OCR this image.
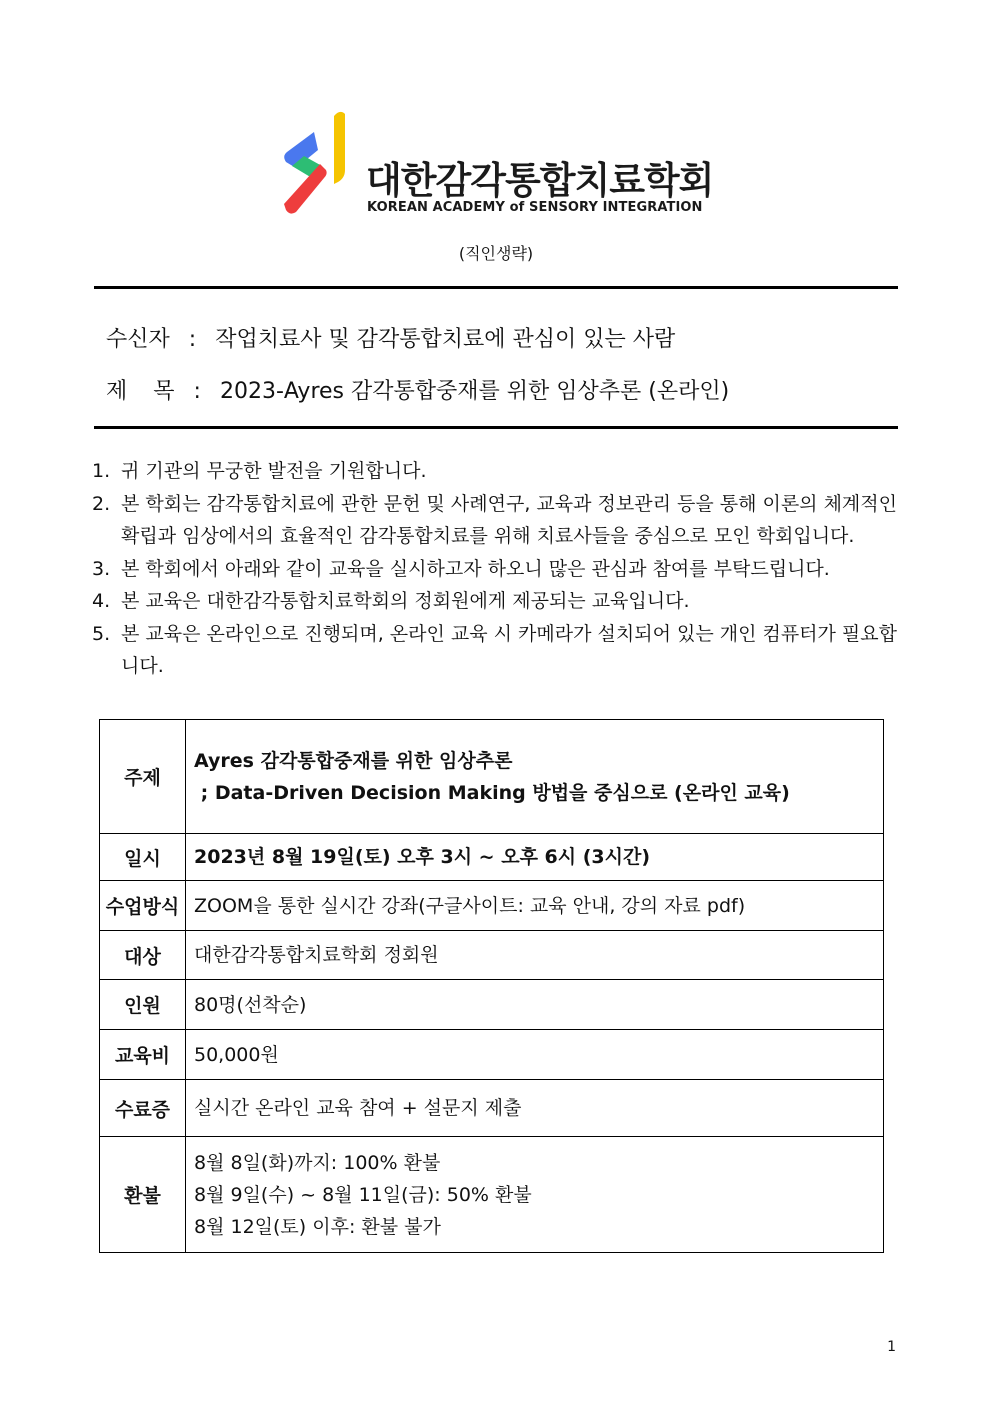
대한감각통합치료학회
KOREAN ACADEMY of SENSORY INTEGRATION
(직인생략)
수신자 : 작업치료사 및 감각통합치료에 관심이 있는 사람
제 목 : 2023-Ayres 감각통합중재를 위한 임상추론 (온라인)
1. 귀 기관의 무궁한 발전을 기원합니다.
2. 본 학회는 감각통합치료에 관한 문헌 및 사례연구, 교육과 정보관리 등을 통해 이론의 체계적인 확립과 임상에서의 효율적인 감각통합치료를 위해 치료사들을 중심으로 모인 학회입니다.
3. 본 학회에서 아래와 같이 교육을 실시하고자 하오니 많은 관심과 참여를 부탁드립니다.
4. 본 교육은 대한감각통합치료학회의 정회원에게 제공되는 교육입니다.
5. 본 교육은 온라인으로 진행되며, 온라인 교육 시 카메라가 설치되어 있는 개인 컴퓨터가 필요합니다.
주제	Ayres 감각통합중재를 위한 임상추론
; Data-Driven Decision Making 방법을 중심으로 (온라인 교육)

일시	2023년 8월 19일(토) 오후 3시 ~ 오후 6시 (3시간)
수업방식	ZOOM을 통한 실시간 강좌(구글사이트: 교육 안내, 강의 자료 pdf)
대상	대한감각통합치료학회 정회원
인원	80명(선착순)
교육비	50,000원
수료증	실시간 온라인 교육 참여 + 설문지 제출
환불	8월 8일(화)까지: 100% 환불
8월 9일(수) ~ 8월 11일(금): 50% 환불
8월 12일(토) 이후: 환불 불가
1
